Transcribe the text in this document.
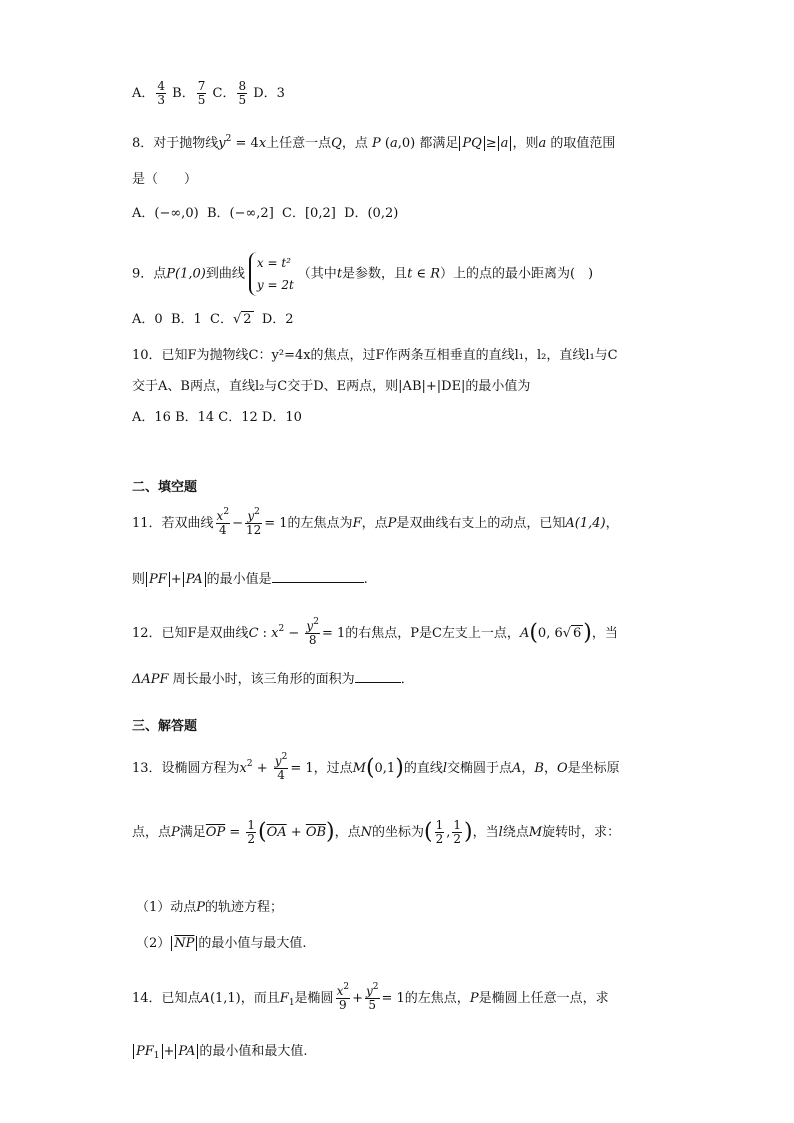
A． $\frac{4}{3}$ B． $\frac{7}{5}$ C． $\frac{8}{5}$ D．3
8．对于抛物线$y^2 = 4x$上任意一点Q，点 P (a,0) 都满足 PQ ≥ a ，则a 的取值范围
是（　　）
A．(−∞,0) B．(−∞,2] C．[0,2] D．(0,2)
9．点P(1,0)到曲线
x = t²
y = 2t
（其中t是参数，且t ∈ R）上的点的最小距离为(　)
A．0 B．1 C．√ 2 D．2
10．已知F为抛物线C：y²=4x的焦点，过F作两条互相垂直的直线l₁，l₂，直线l₁与C
交于A、B两点，直线l₂与C交于D、E两点，则|AB|+|DE|的最小值为
A．16 B．14 C．12 D．10
二、填空题
11．若双曲线 $\frac{x^2}{4} - \frac{y^2}{12} = 1$的左焦点为F，点P是双曲线右支上的动点，已知A(1,4)，
则 PF + PA 的最小值是	.
12．已知F是双曲线C : $x^2 - \frac{y^2}{8} = 1$的右焦点，P是C左支上一点，A(0, 6√ 6)，当
ΔAPF 周长最小时，该三角形的面积为	．
三、解答题
13．设椭圆方程为$x^2 + \frac{y^2}{4} = 1$，过点M(0,1)的直线l交椭圆于点A，B，O是坐标原
点，点P满足$\overline{OP} = \frac{1}{2} (\overline{OA} + \overline{OB})$，点N的坐标为( $\frac{1}{2}$ , $\frac{1}{2}$ )，当l绕点M旋转时，求：
（1）动点P的轨迹方程；
（2） $\overline{NP}$ 的最小值与最大值.
14．已知点A(1,1)，而且$F_1$是椭圆 $\frac{x^2}{9} + \frac{y^2}{5} = 1$的左焦点，P是椭圆上任意一点，求
$PF_1$ + PA 的最小值和最大值.
